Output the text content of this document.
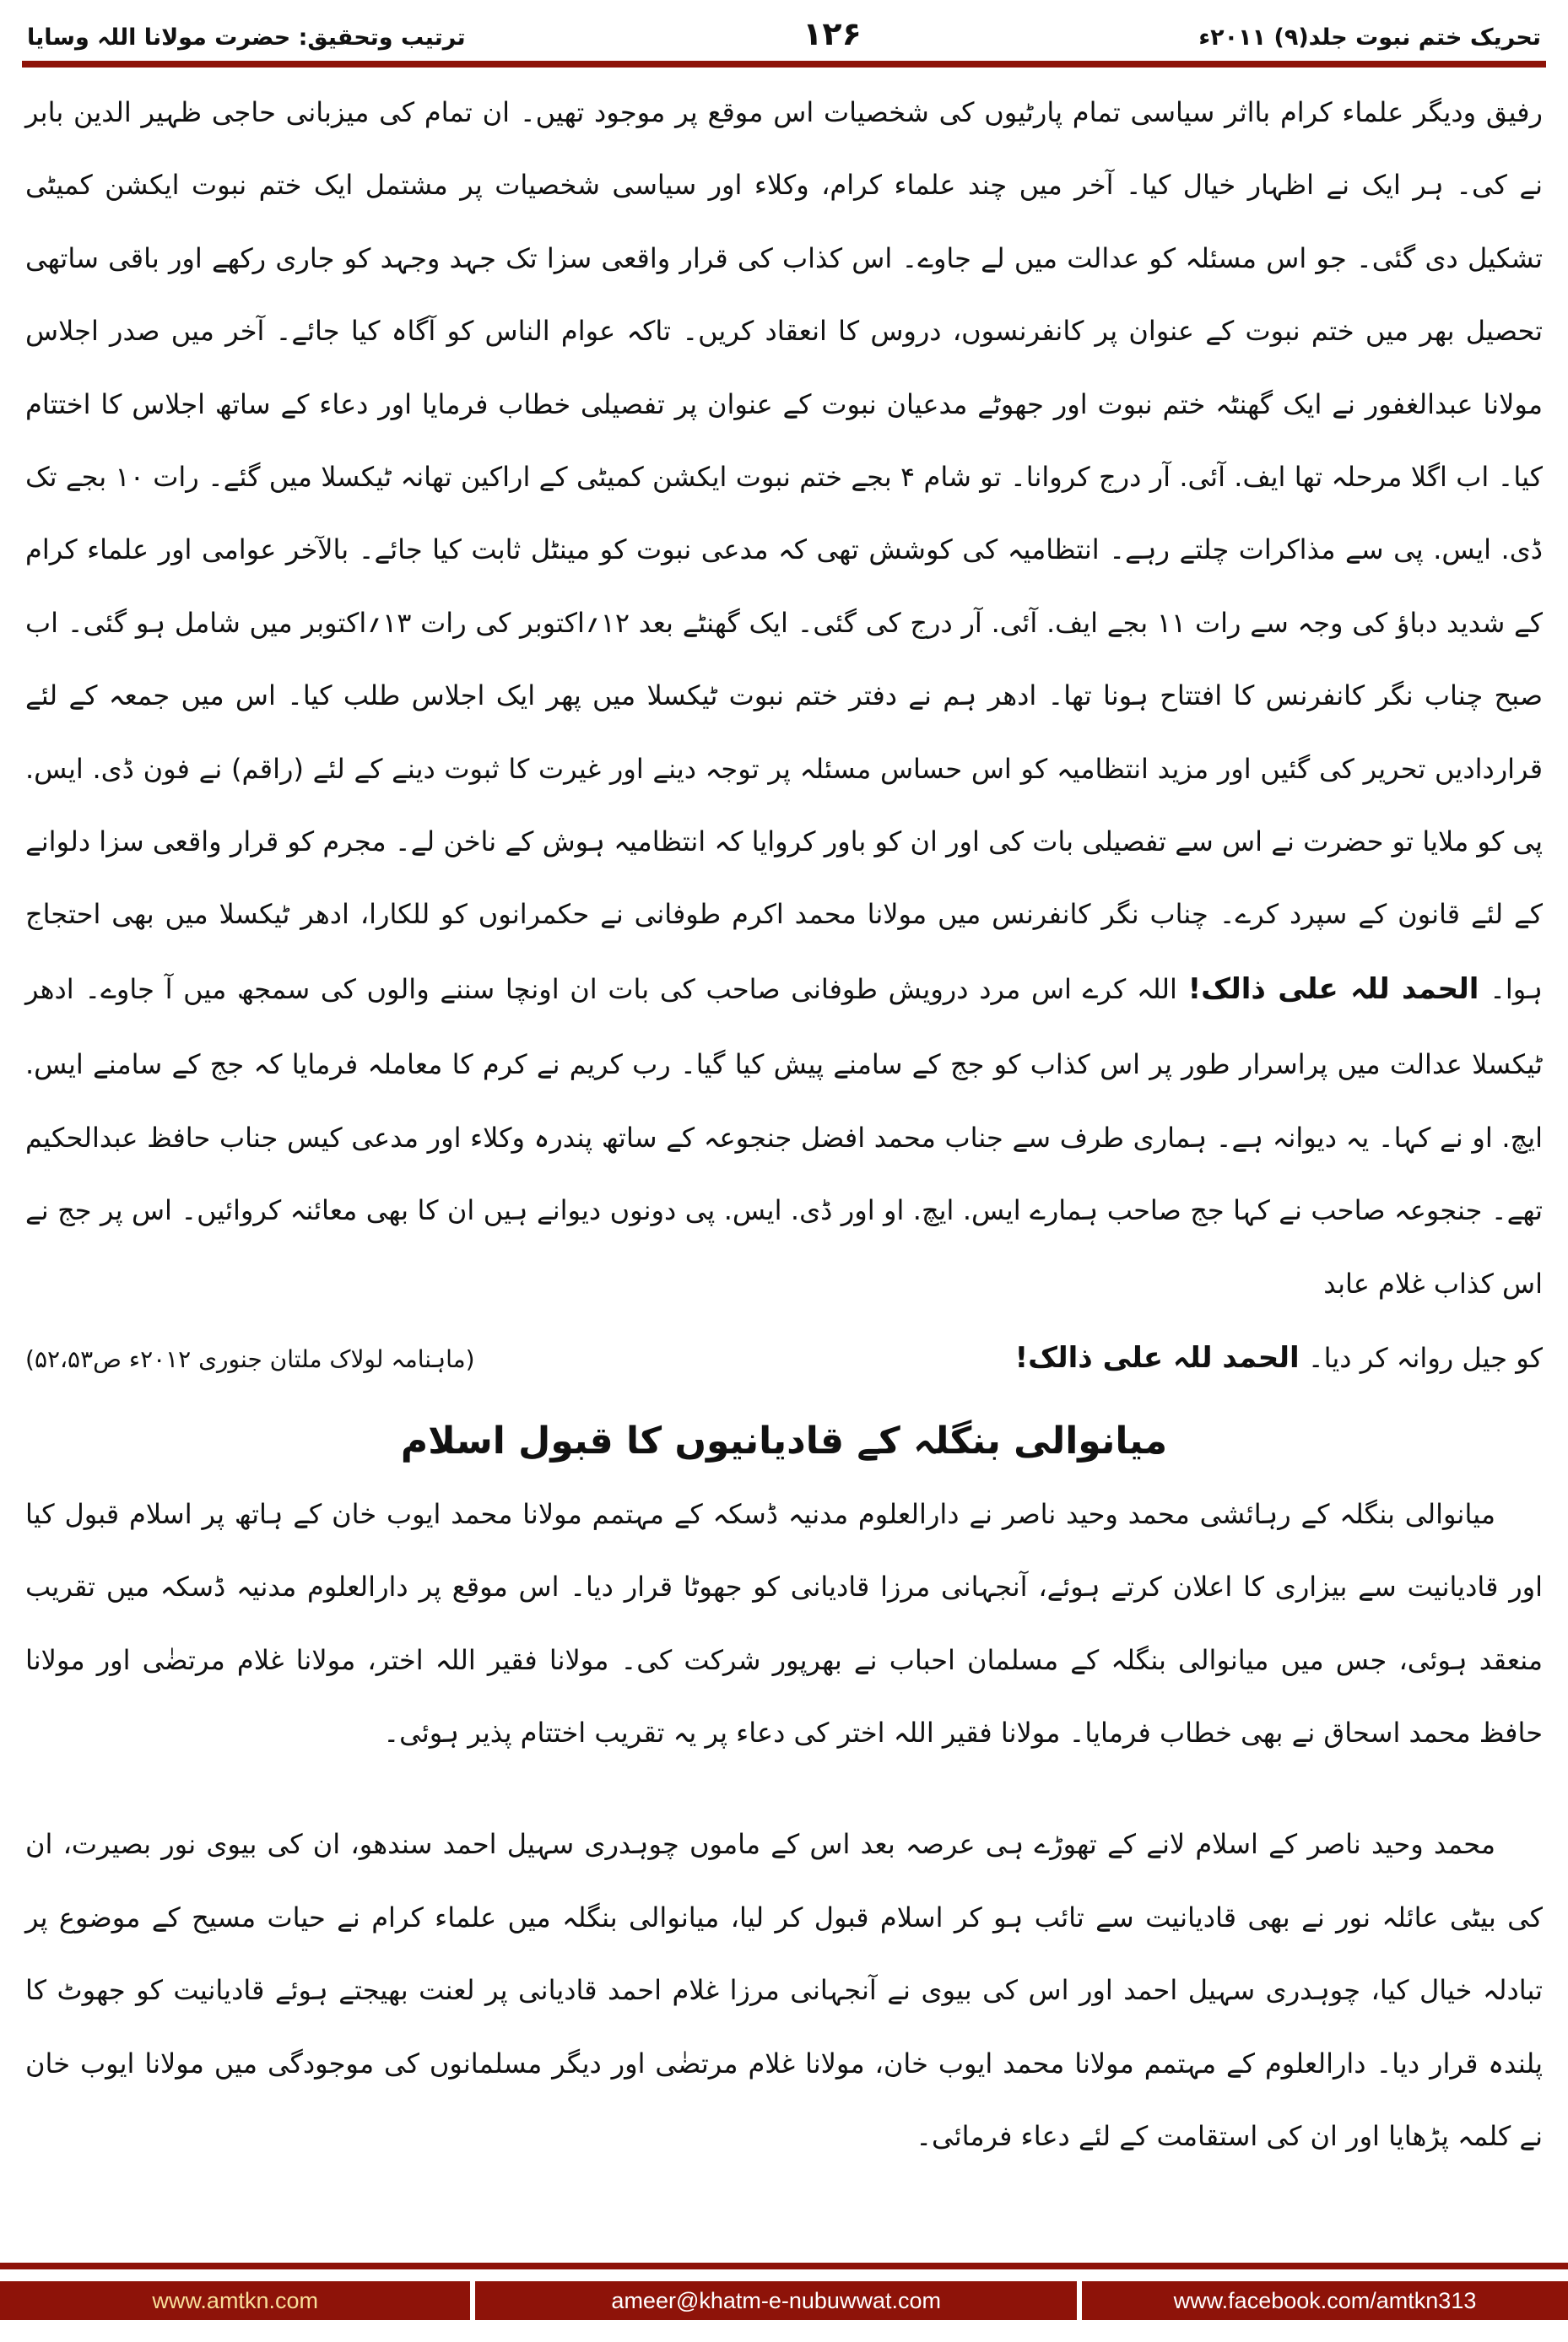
تحریک ختم نبوت جلد(۹) ۲۰۱۱ء
۱۲۶
ترتیب وتحقیق: حضرت مولانا اللہ وسایا

رفیق ودیگر علماء کرام بااثر سیاسی تمام پارٹیوں کی شخصیات اس موقع پر موجود تھیں۔ ان تمام کی میزبانی حاجی ظہیر الدین بابر نے کی۔ ہر ایک نے اظہار خیال کیا۔ آخر میں چند علماء کرام، وکلاء اور سیاسی شخصیات پر مشتمل ایک ختم نبوت ایکشن کمیٹی تشکیل دی گئی۔ جو اس مسئلہ کو عدالت میں لے جاوے۔ اس کذاب کی قرار واقعی سزا تک جہد وجہد کو جاری رکھے اور باقی ساتھی تحصیل بھر میں ختم نبوت کے عنوان پر کانفرنسوں، دروس کا انعقاد کریں۔ تاکہ عوام الناس کو آگاہ کیا جائے۔ آخر میں صدر اجلاس مولانا عبدالغفور نے ایک گھنٹہ ختم نبوت اور جھوٹے مدعیان نبوت کے عنوان پر تفصیلی خطاب فرمایا اور دعاء کے ساتھ اجلاس کا اختتام کیا۔ اب اگلا مرحلہ تھا ایف. آئی. آر درج کروانا۔ تو شام ۴ بجے ختم نبوت ایکشن کمیٹی کے اراکین تھانہ ٹیکسلا میں گئے۔ رات ۱۰ بجے تک ڈی. ایس. پی سے مذاکرات چلتے رہے۔ انتظامیہ کی کوشش تھی کہ مدعی نبوت کو مینٹل ثابت کیا جائے۔ بالآخر عوامی اور علماء کرام کے شدید دباؤ کی وجہ سے رات ۱۱ بجے ایف. آئی. آر درج کی گئی۔ ایک گھنٹے بعد ۱۲؍اکتوبر کی رات ۱۳؍اکتوبر میں شامل ہو گئی۔ اب صبح چناب نگر کانفرنس کا افتتاح ہونا تھا۔ ادھر ہم نے دفتر ختم نبوت ٹیکسلا میں پھر ایک اجلاس طلب کیا۔ اس میں جمعہ کے لئے قراردادیں تحریر کی گئیں اور مزید انتظامیہ کو اس حساس مسئلہ پر توجہ دینے اور غیرت کا ثبوت دینے کے لئے (راقم) نے فون ڈی. ایس. پی کو ملایا تو حضرت نے اس سے تفصیلی بات کی اور ان کو باور کروایا کہ انتظامیہ ہوش کے ناخن لے۔ مجرم کو قرار واقعی سزا دلوانے کے لئے قانون کے سپرد کرے۔ چناب نگر کانفرنس میں مولانا محمد اکرم طوفانی نے حکمرانوں کو للکارا، ادھر ٹیکسلا میں بھی احتجاج ہوا۔ الحمد للہ علی ذالک! اللہ کرے اس مرد درویش طوفانی صاحب کی بات ان اونچا سننے والوں کی سمجھ میں آ جاوے۔ ادھر ٹیکسلا عدالت میں پراسرار طور پر اس کذاب کو جج کے سامنے پیش کیا گیا۔ رب کریم نے کرم کا معاملہ فرمایا کہ جج کے سامنے ایس. ایچ. او نے کہا۔ یہ دیوانہ ہے۔ ہماری طرف سے جناب محمد افضل جنجوعہ کے ساتھ پندرہ وکلاء اور مدعی کیس جناب حافظ عبدالحکیم تھے۔ جنجوعہ صاحب نے کہا جج صاحب ہمارے ایس. ایچ. او اور ڈی. ایس. پی دونوں دیوانے ہیں ان کا بھی معائنہ کروائیں۔ اس پر جج نے اس کذاب غلام عابد

کو جیل روانہ کر دیا۔ الحمد للہ علی ذالک!
(ماہنامہ لولاک ملتان جنوری ۲۰۱۲ء ص۵۲،۵۳)
میانوالی بنگلہ کے قادیانیوں کا قبول اسلام

میانوالی بنگلہ کے رہائشی محمد وحید ناصر نے دارالعلوم مدنیہ ڈسکہ کے مہتمم مولانا محمد ایوب خان کے ہاتھ پر اسلام قبول کیا اور قادیانیت سے بیزاری کا اعلان کرتے ہوئے، آنجہانی مرزا قادیانی کو جھوٹا قرار دیا۔ اس موقع پر دارالعلوم مدنیہ ڈسکہ میں تقریب منعقد ہوئی، جس میں میانوالی بنگلہ کے مسلمان احباب نے بھرپور شرکت کی۔ مولانا فقیر اللہ اختر، مولانا غلام مرتضٰی اور مولانا حافظ محمد اسحاق نے بھی خطاب فرمایا۔ مولانا فقیر اللہ اختر کی دعاء پر یہ تقریب اختتام پذیر ہوئی۔

محمد وحید ناصر کے اسلام لانے کے تھوڑے ہی عرصہ بعد اس کے ماموں چوہدری سہیل احمد سندھو، ان کی بیوی نور بصیرت، ان کی بیٹی عائلہ نور نے بھی قادیانیت سے تائب ہو کر اسلام قبول کر لیا، میانوالی بنگلہ میں علماء کرام نے حیات مسیح کے موضوع پر تبادلہ خیال کیا، چوہدری سہیل احمد اور اس کی بیوی نے آنجہانی مرزا غلام احمد قادیانی پر لعنت بھیجتے ہوئے قادیانیت کو جھوٹ کا پلندہ قرار دیا۔ دارالعلوم کے مہتمم مولانا محمد ایوب خان، مولانا غلام مرتضٰی اور دیگر مسلمانوں کی موجودگی میں مولانا ایوب خان نے کلمہ پڑھایا اور ان کی استقامت کے لئے دعاء فرمائی۔

www.amtkn.com	ameer@khatm-e-nubuwwat.com	www.facebook.com/amtkn313
